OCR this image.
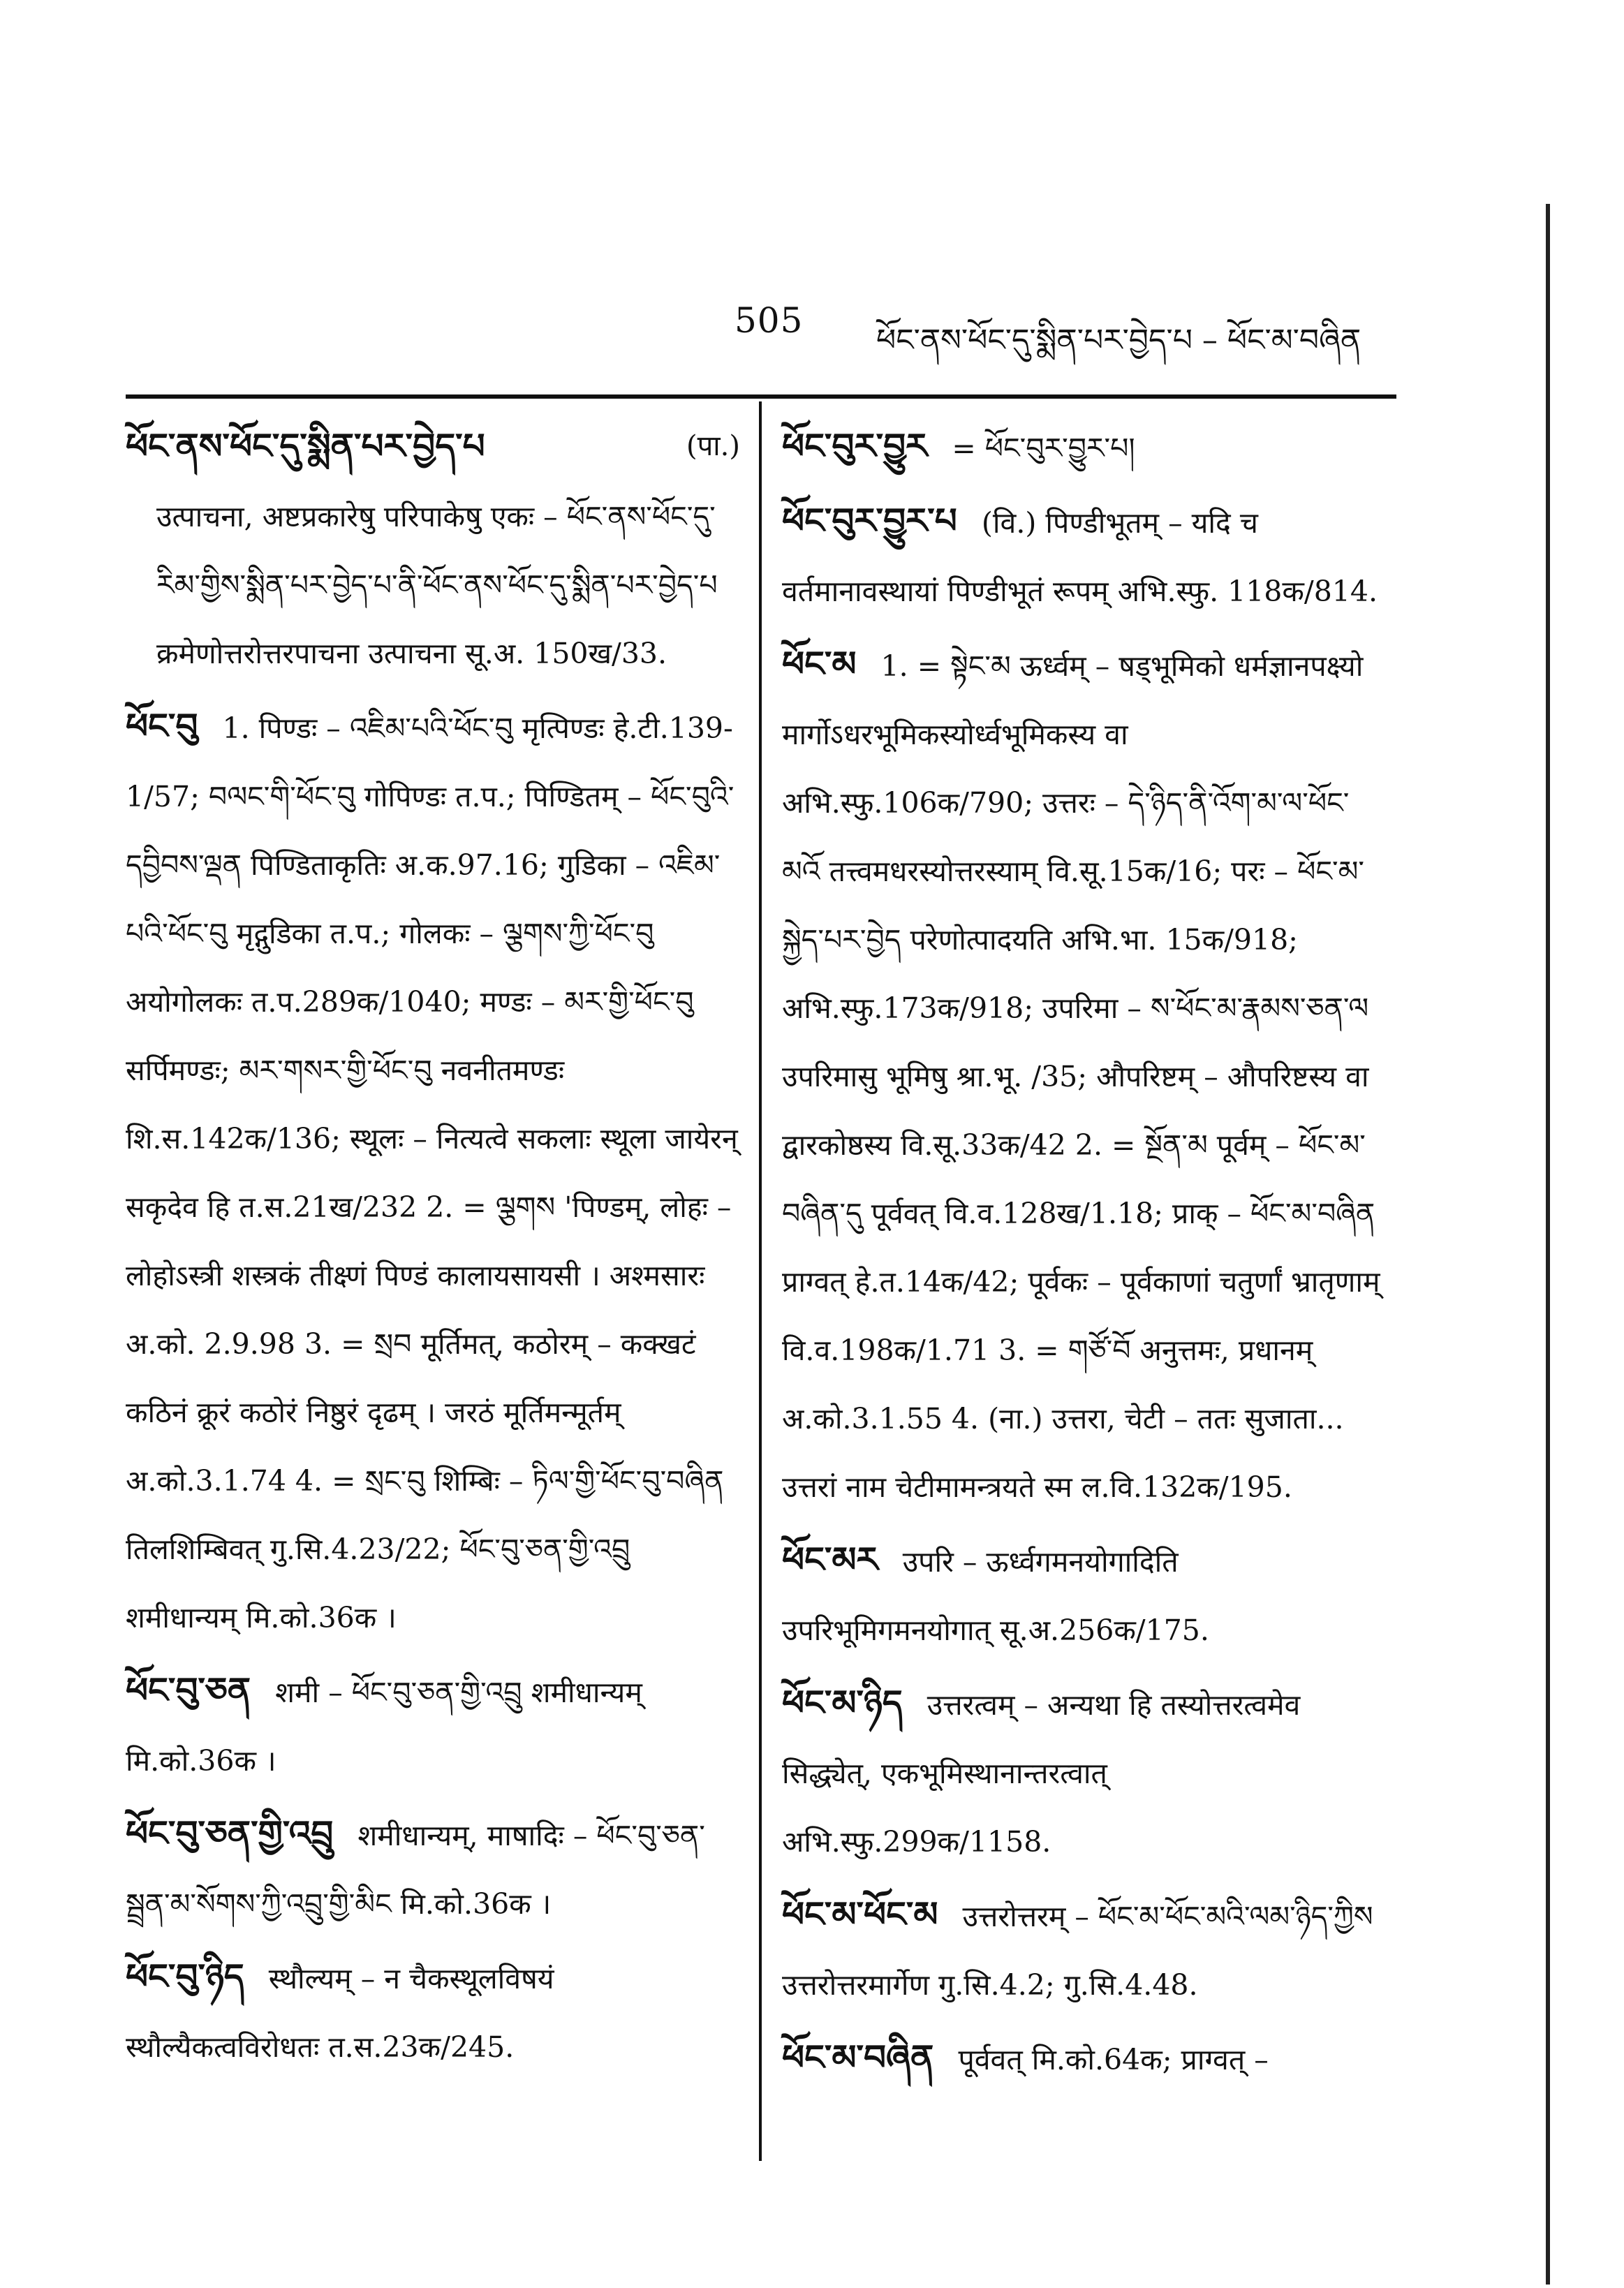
505 ཕོང་ནས་ཕོང་དུ་སྨིན་པར་བྱེད་པ – ཕོང་མ་བཞིན
(पा.)
ཕོང་ནས་ཕོང་དུ་སྨིན་པར་བྱེད་པ
उत्पाचना, अष्टप्रकारेषु परिपाकेषु एकः – ཕོང་ནས་ཕོང་དུ་རིམ་གྱིས་སྨིན་པར་བྱེད་པ་ནི་ཕོང་ནས་ཕོང་དུ་སྨིན་པར་བྱེད་པ क्रमेणोत्तरोत्तरपाचना उत्पाचना सू.अ. 150ख/33.
ཕོང་བུ 1. पिण्डः – འཇིམ་པའི་ཕོང་བུ मृत्पिण्डः हे.टी.139-1/57; བལང་གི་ཕོང་བུ गोपिण्डः त.प.; पिण्डितम् – ཕོང་བུའི་དབྱིབས་ལྡན पिण्डिताकृतिः अ.क.97.16; गुडिका – འཇིམ་པའི་ཕོང་བུ मृद्गुडिका त.प.; गोलकः – ལྕགས་ཀྱི་ཕོང་བུ अयोगोलकः त.प.289क/1040; मण्डः – མར་གྱི་ཕོང་བུ सर्पिमण्डः; མར་གསར་གྱི་ཕོང་བུ नवनीतमण्डः शि.स.142क/136; स्थूलः – नित्यत्वे सकलाः स्थूला जायेरन् सकृदेव हि त.स.21ख/232 2. = ལྕགས 'पिण्डम्, लोहः – लोहोऽस्त्री शस्त्रकं तीक्ष्णं पिण्डं कालायसायसी । अश्मसारः अ.को. 2.9.98 3. = སྲབ मूर्तिमत्, कठोरम् – कक्खटं कठिनं क्रूरं कठोरं निष्ठुरं दृढम् । जरठं मूर्तिमन्मूर्तम् अ.को.3.1.74 4. = སྲང་བུ शिम्बिः – ཏིལ་གྱི་ཕོང་བུ་བཞིན तिलशिम्बिवत् गु.सि.4.23/22; ཕོང་བུ་ཅན་གྱི་འབྲུ शमीधान्यम् मि.को.36क ।
ཕོང་བུ་ཅན शमी – ཕོང་བུ་ཅན་གྱི་འབྲུ शमीधान्यम् मि.को.36क ।
ཕོང་བུ་ཅན་གྱི་འབྲུ शमीधान्यम्, माषादिः – ཕོང་བུ་ཅན་སྦྲན་མ་སོགས་ཀྱི་འབྲུ་གྱི་མིང मि.को.36क ।
ཕོང་བུ་ཉིད स्थौल्यम् – न चैकस्थूलविषयं स्थौल्यैकत्वविरोधतः त.स.23क/245.
ཕོང་བུར་བྱུར = ཕོང་བུར་བྱུར་པ།
ཕོང་བུར་བྱུར་པ (वि.) पिण्डीभूतम् – यदि च वर्तमानावस्थायां पिण्डीभूतं रूपम् अभि.स्फु. 118क/814.
ཕོང་མ 1. = སྟེང་མ ऊर्ध्वम् – षड्भूमिको धर्मज्ञानपक्ष्यो मार्गोऽधरभूमिकस्योर्ध्वभूमिकस्य वा अभि.स्फु.106क/790; उत्तरः – དེ་ཉིད་ནི་འོག་མ་ལ་ཕོང་མའོ तत्त्वमधरस्योत्तरस्याम् वि.सू.15क/16; परः – ཕོང་མ་སྐྱེད་པར་བྱེད परेणोत्पादयति अभि.भा. 15क/918; अभि.स्फु.173क/918; उपरिमा – ས་ཕོང་མ་རྣམས་ཅན་ལ उपरिमासु भूमिषु श्रा.भू. /35; औपरिष्टम् – औपरिष्टस्य वा द्वारकोष्ठस्य वि.सू.33क/42 2. = སྔོན་མ पूर्वम् – ཕོང་མ་བཞིན་དུ पूर्ववत् वि.व.128ख/1.18; प्राक् – ཕོང་མ་བཞིན प्राग्वत् हे.त.14क/42; पूर्वकः – पूर्वकाणां चतुर्णां भ्रातृणाम् वि.व.198क/1.71 3. = གཙོ་བོ अनुत्तमः, प्रधानम् अ.को.3.1.55 4. (ना.) उत्तरा, चेटी – ततः सुजाता... उत्तरां नाम चेटीमामन्त्रयते स्म ल.वि.132क/195.
ཕོང་མར उपरि – ऊर्ध्वगमनयोगादिति उपरिभूमिगमनयोगात् सू.अ.256क/175.
ཕོང་མ་ཉིད उत्तरत्वम् – अन्यथा हि तस्योत्तरत्वमेव सिद्ध्येत्, एकभूमिस्थानान्तरत्वात् अभि.स्फु.299क/1158.
ཕོང་མ་ཕོང་མ उत्तरोत्तरम् – ཕོང་མ་ཕོང་མའི་ལམ་ཉིད་ཀྱིས उत्तरोत्तरमार्गेण गु.सि.4.2; गु.सि.4.48.
ཕོང་མ་བཞིན पूर्ववत् मि.को.64क; प्राग्वत् –
